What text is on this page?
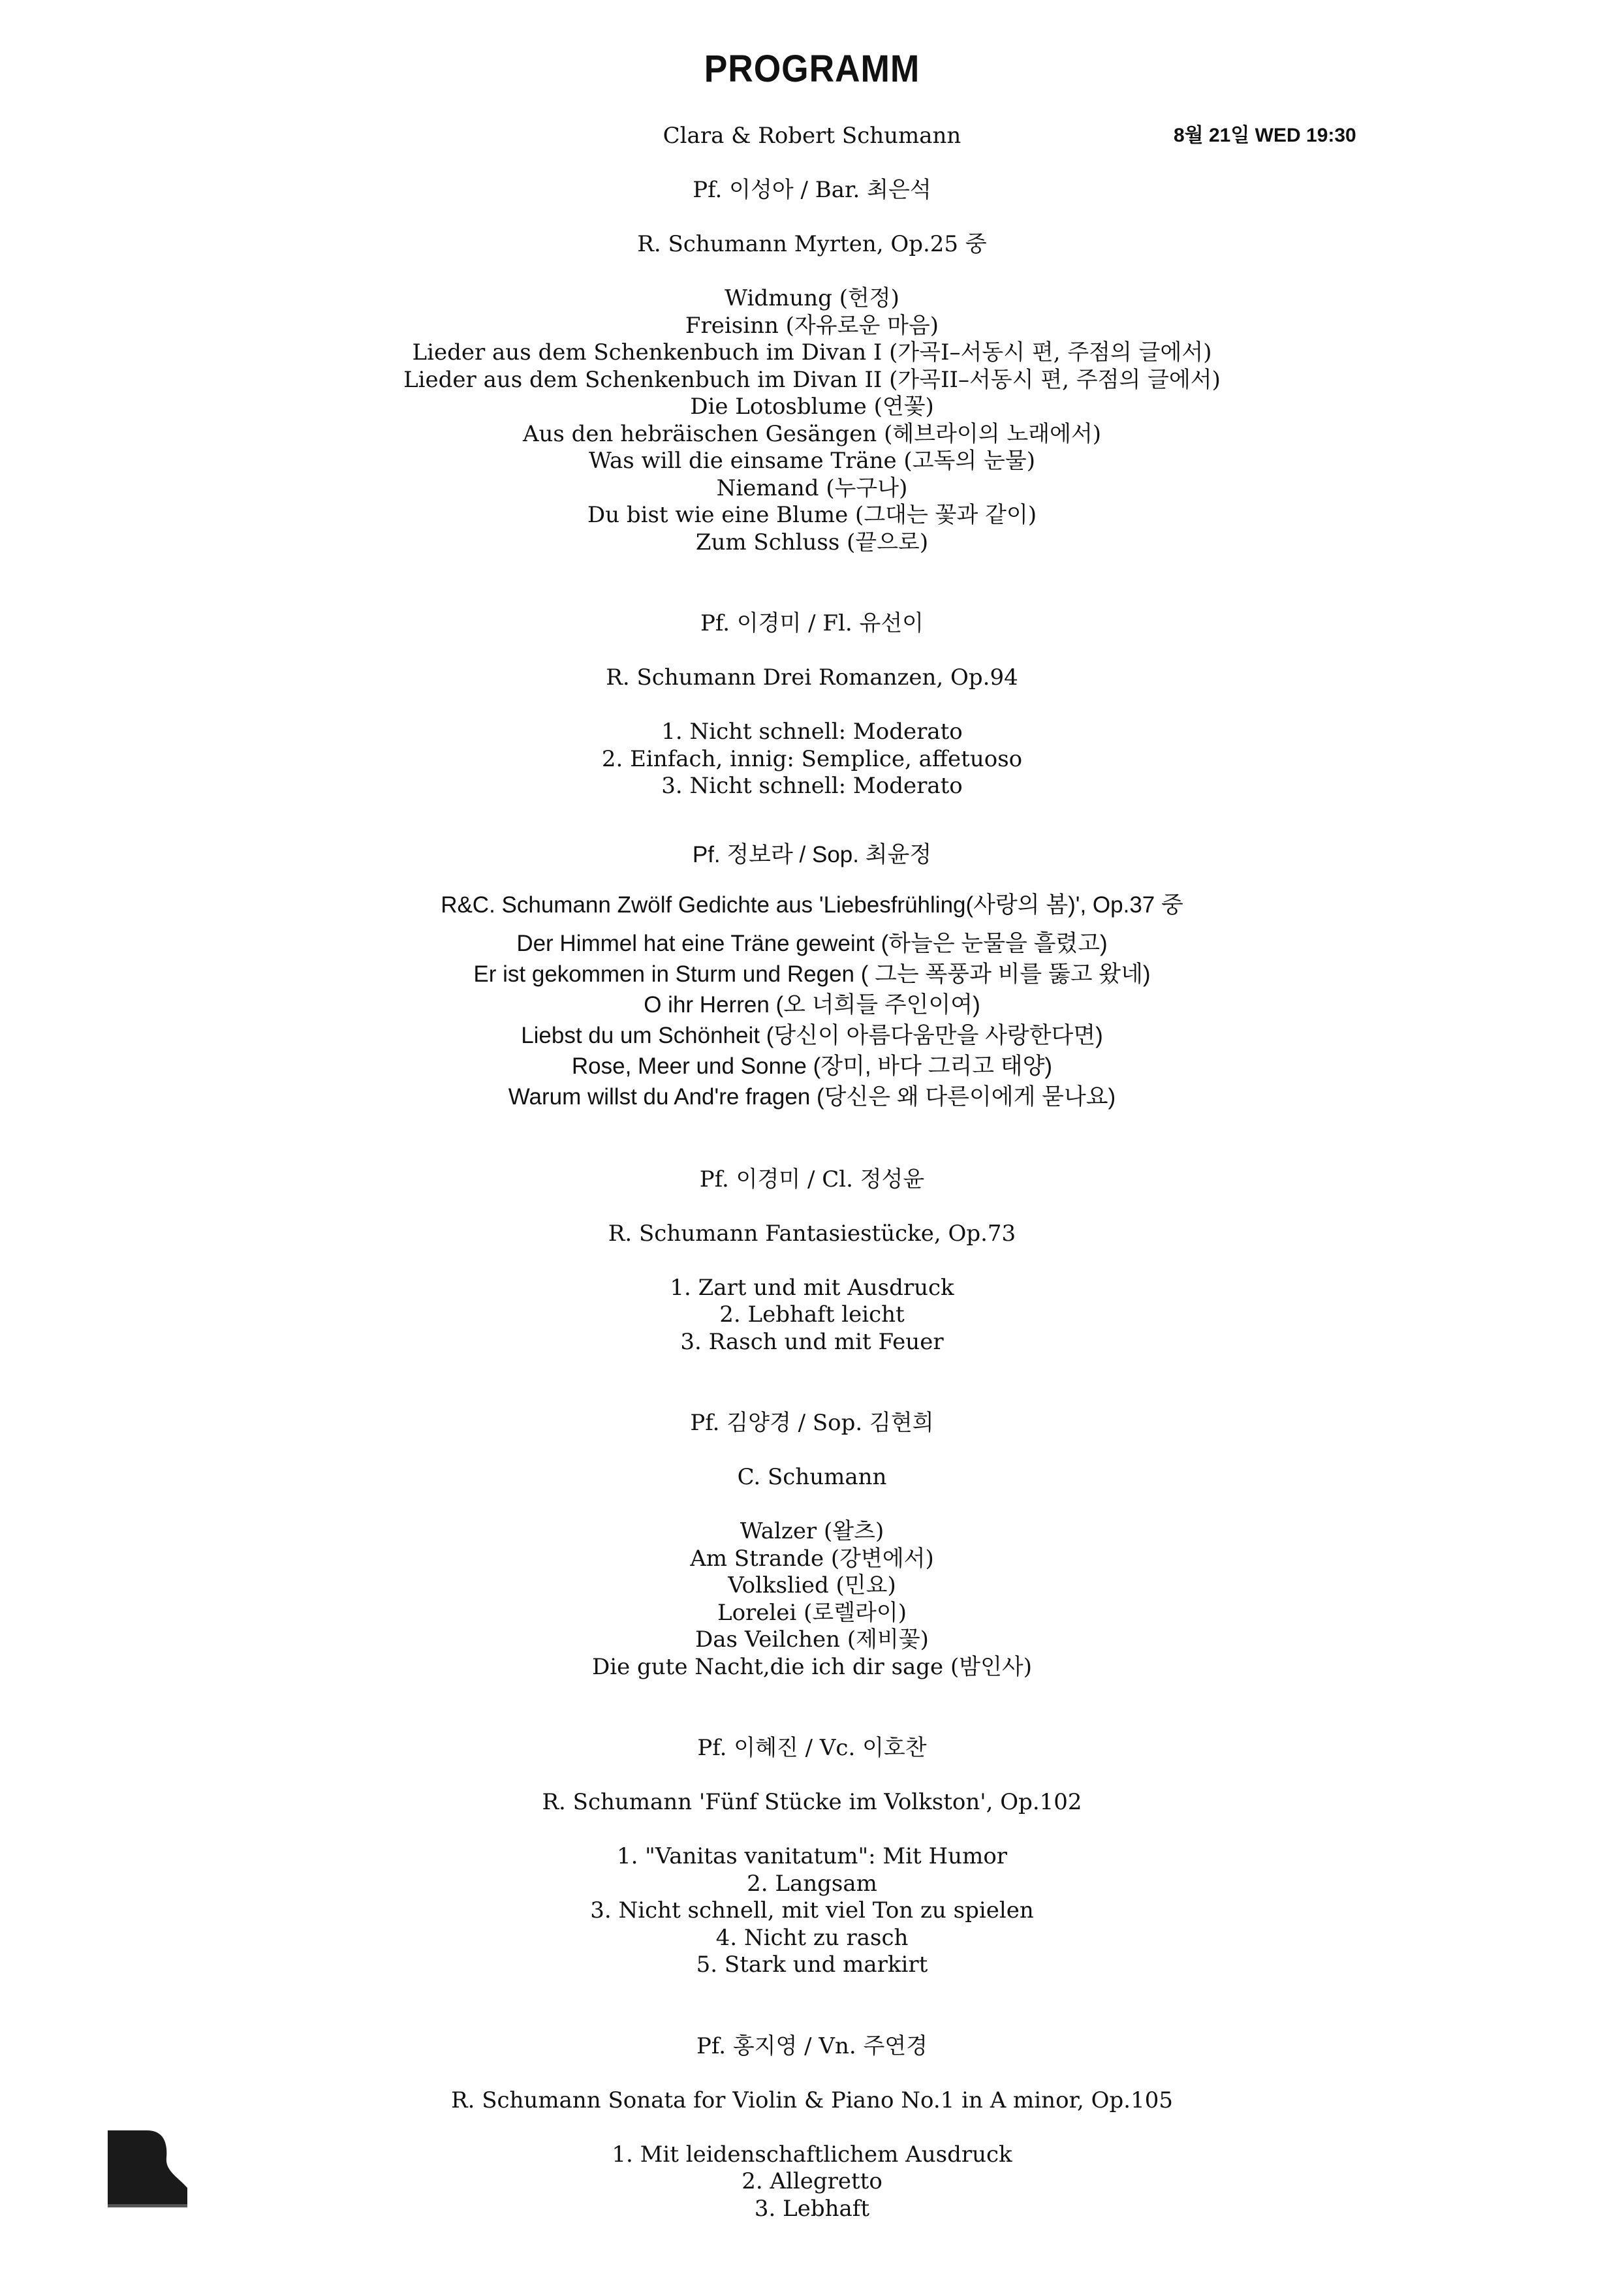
PROGRAMM
8월 21일 WED 19:30
Clara & Robert Schumann
Pf. 이성아 / Bar. 최은석
R. Schumann Myrten, Op.25 중
Widmung (헌정)
Freisinn (자유로운 마음)
Lieder aus dem Schenkenbuch im Divan I (가곡I–서동시 편, 주점의 글에서)
Lieder aus dem Schenkenbuch im Divan II (가곡II–서동시 편, 주점의 글에서)
Die Lotosblume (연꽃)
Aus den hebräischen Gesängen (헤브라이의 노래에서)
Was will die einsame Träne (고독의 눈물)
Niemand (누구나)
Du bist wie eine Blume (그대는 꽃과 같이)
Zum Schluss (끝으로)
Pf. 이경미 / Fl. 유선이
R. Schumann Drei Romanzen, Op.94
1. Nicht schnell: Moderato
2. Einfach, innig: Semplice, affetuoso
3. Nicht schnell: Moderato
Pf. 정보라 / Sop. 최윤정
R&C. Schumann Zwölf Gedichte aus 'Liebesfrühling(사랑의 봄)', Op.37 중
Der Himmel hat eine Träne geweint (하늘은 눈물을 흘렸고)
Er ist gekommen in Sturm und Regen ( 그는 폭풍과 비를 뚫고 왔네)
O ihr Herren (오 너희들 주인이여)
Liebst du um Schönheit (당신이 아름다움만을 사랑한다면)
Rose, Meer und Sonne (장미, 바다 그리고 태양)
Warum willst du And're fragen (당신은 왜 다른이에게 묻나요)
Pf. 이경미 / Cl. 정성윤
R. Schumann Fantasiestücke, Op.73
1. Zart und mit Ausdruck
2. Lebhaft leicht
3. Rasch und mit Feuer
Pf. 김양경 / Sop. 김현희
C. Schumann
Walzer (왈츠)
Am Strande (강변에서)
Volkslied (민요)
Lorelei (로렐라이)
Das Veilchen (제비꽃)
Die gute Nacht,die ich dir sage (밤인사)
Pf. 이혜진 / Vc. 이호찬
R. Schumann 'Fünf Stücke im Volkston', Op.102
1. "Vanitas vanitatum": Mit Humor
2. Langsam
3. Nicht schnell, mit viel Ton zu spielen
4. Nicht zu rasch
5. Stark und markirt
Pf. 홍지영 / Vn. 주연경
R. Schumann Sonata for Violin & Piano No.1 in A minor, Op.105
1. Mit leidenschaftlichem Ausdruck
2. Allegretto
3. Lebhaft
